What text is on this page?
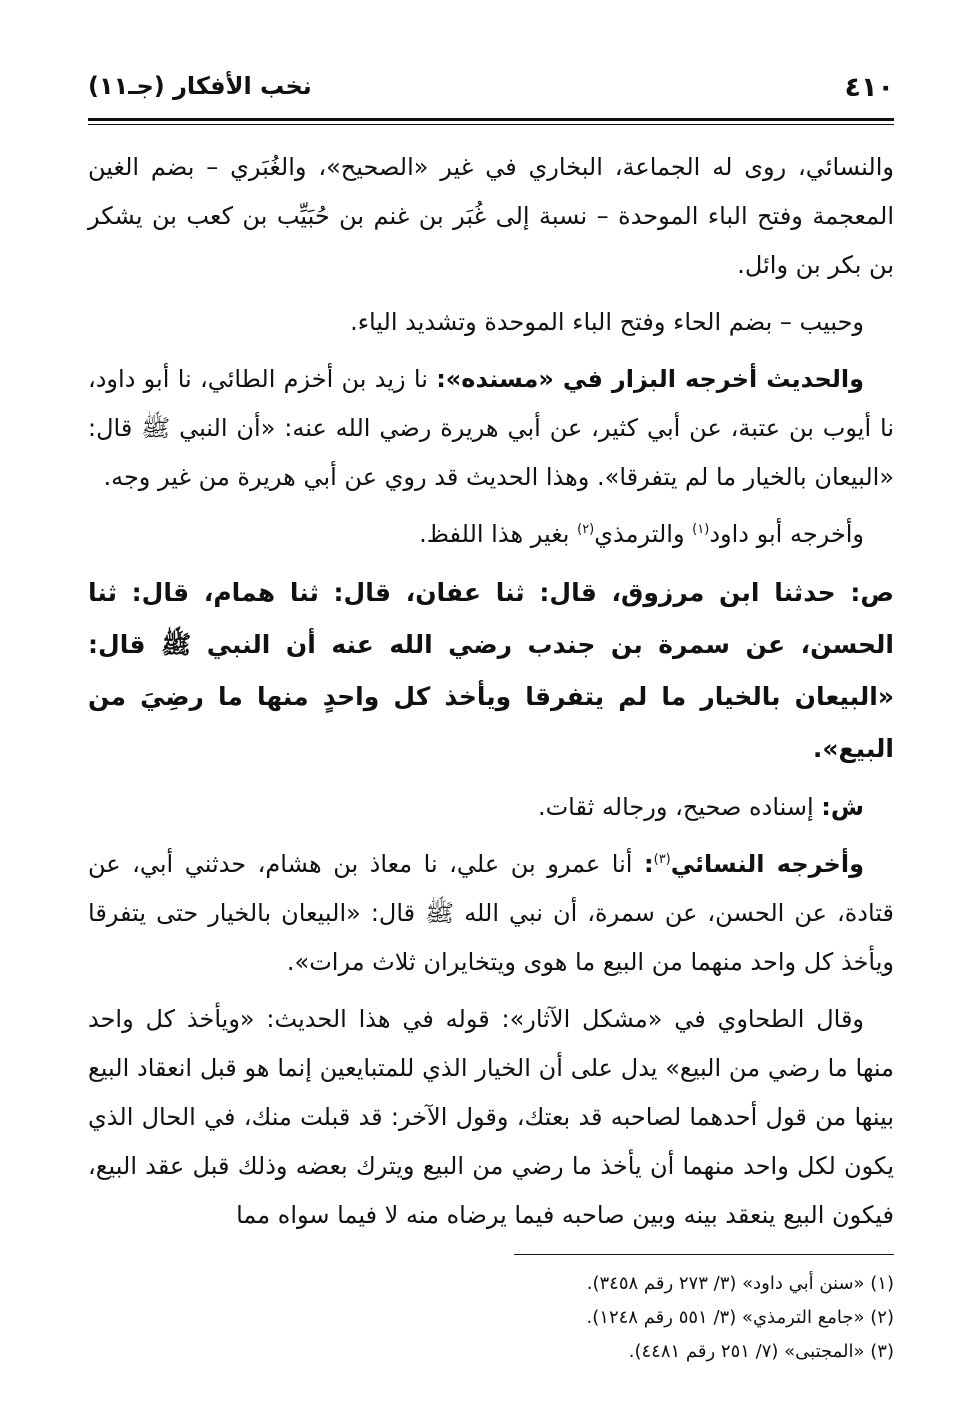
٤١٠
نخب الأفكار (جـ١١)

والنسائي، روى له الجماعة، البخاري في غير «الصحيح»، والغُبَري – بضم الغين المعجمة وفتح الباء الموحدة – نسبة إلى غُبَر بن غنم بن حُبَيِّب بن كعب بن يشكر بن بكر بن وائل.

وحبيب – بضم الحاء وفتح الباء الموحدة وتشديد الياء.

والحديث أخرجه البزار في «مسنده»: نا زيد بن أخزم الطائي، نا أبو داود، نا أيوب بن عتبة، عن أبي كثير، عن أبي هريرة رضي الله عنه: «أن النبي ﷺ قال: «البيعان بالخيار ما لم يتفرقا». وهذا الحديث قد روي عن أبي هريرة من غير وجه.

وأخرجه أبو داود$^{(١)}$ والترمذي$^{(٢)}$ بغير هذا اللفظ.

ص: حدثنا ابن مرزوق، قال: ثنا عفان، قال: ثنا همام، قال: ثنا الحسن، عن سمرة بن جندب رضي الله عنه أن النبي ﷺ قال: «البيعان بالخيار ما لم يتفرقا ويأخذ كل واحدٍ منها ما رضِيَ من البيع».

ش: إسناده صحيح، ورجاله ثقات.

وأخرجه النسائي$^{(٣)}$: أنا عمرو بن علي، نا معاذ بن هشام، حدثني أبي، عن قتادة، عن الحسن، عن سمرة، أن نبي الله ﷺ قال: «البيعان بالخيار حتى يتفرقا ويأخذ كل واحد منهما من البيع ما هوى ويتخايران ثلاث مرات».

وقال الطحاوي في «مشكل الآثار»: قوله في هذا الحديث: «ويأخذ كل واحد منها ما رضي من البيع» يدل على أن الخيار الذي للمتبايعين إنما هو قبل انعقاد البيع بينها من قول أحدهما لصاحبه قد بعتك، وقول الآخر: قد قبلت منك، في الحال الذي يكون لكل واحد منهما أن يأخذ ما رضي من البيع ويترك بعضه وذلك قبل عقد البيع، فيكون البيع ينعقد بينه وبين صاحبه فيما يرضاه منه لا فيما سواه مما

(١) «سنن أبي داود» (٣/ ٢٧٣ رقم ٣٤٥٨).

(٢) «جامع الترمذي» (٣/ ٥٥١ رقم ١٢٤٨).

(٣) «المجتبى» (٧/ ٢٥١ رقم ٤٤٨١).
